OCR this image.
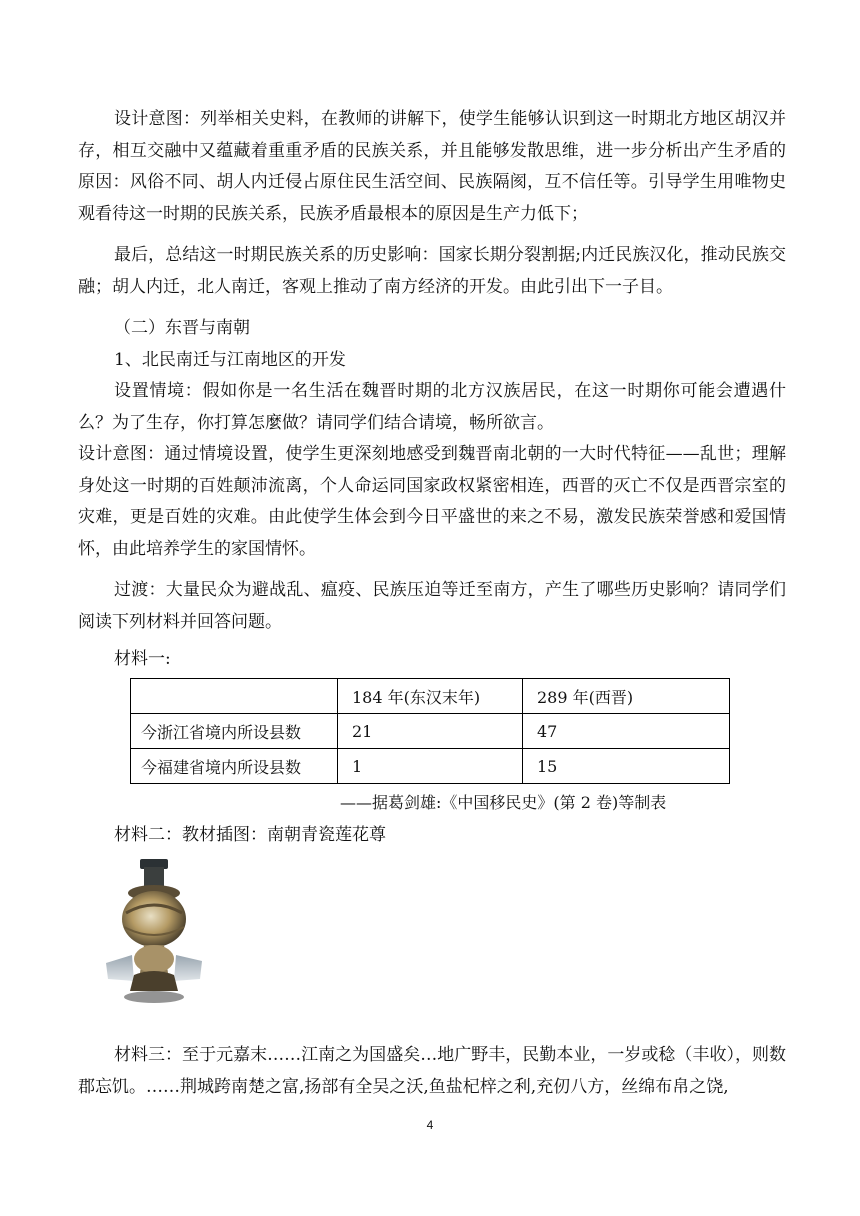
设计意图：列举相关史料，在教师的讲解下，使学生能够认识到这一时期北方地区胡汉并存，相互交融中又蕴藏着重重矛盾的民族关系，并且能够发散思维，进一步分析出产生矛盾的原因：风俗不同、胡人内迁侵占原住民生活空间、民族隔阂，互不信任等。引导学生用唯物史观看待这一时期的民族关系，民族矛盾最根本的原因是生产力低下；

最后，总结这一时期民族关系的历史影响：国家长期分裂割据;内迁民族汉化，推动民族交融；胡人内迁，北人南迁，客观上推动了南方经济的开发。由此引出下一子目。

（二）东晋与南朝

1、北民南迁与江南地区的开发

设置情境：假如你是一名生活在魏晋时期的北方汉族居民，在这一时期你可能会遭遇什么？为了生存，你打算怎麼做？请同学们结合请境，畅所欲言。

设计意图：通过情境设置，使学生更深刻地感受到魏晋南北朝的一大时代特征——乱世；理解身处这一时期的百姓颠沛流离，个人命运同国家政权紧密相连，西晋的灭亡不仅是西晋宗室的灾难，更是百姓的灾难。由此使学生体会到今日平盛世的来之不易，激发民族荣誉感和爱国情怀，由此培养学生的家国情怀。

过渡：大量民众为避战乱、瘟疫、民族压迫等迁至南方，产生了哪些历史影响？请同学们阅读下列材料并回答问题。

材料一:

	184 年(东汉末年)	289 年(西晋)
今浙江省境内所设县数	21	47
今福建省境内所设县数	1	15
——据葛剑雄:《中国移民史》(第 2 卷)等制表

材料二：教材插图：南朝青瓷莲花尊

材料三：至于元嘉末……江南之为国盛矣…地广野丰，民勤本业，一岁或稔（丰收），则数郡忘饥。……荆城跨南楚之富,扬部有全吴之沃,鱼盐杞梓之利,充仞八方，丝绵布帛之饶,

4
